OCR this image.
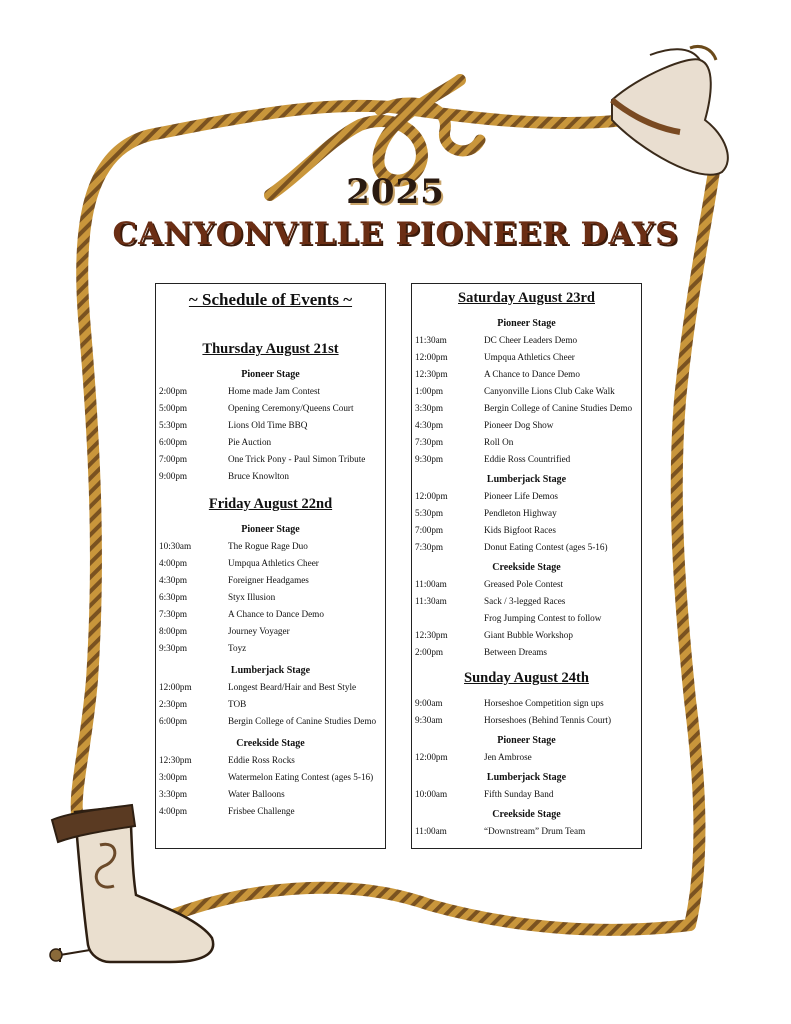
2025
CANYONVILLE PIONEER DAYS
~ Schedule of Events ~
Thursday August 21st
Pioneer Stage
2:00pm	Home made Jam Contest
5:00pm	Opening Ceremony/Queens Court
5:30pm	Lions Old Time BBQ
6:00pm	Pie Auction
7:00pm	One Trick Pony - Paul Simon Tribute
9:00pm	Bruce Knowlton
Friday August 22nd
Pioneer Stage
10:30am	The Rogue Rage Duo
4:00pm	Umpqua Athletics Cheer
4:30pm	Foreigner Headgames
6:30pm	Styx Illusion
7:30pm	A Chance to Dance Demo
8:00pm	Journey Voyager
9:30pm	Toyz
Lumberjack Stage
12:00pm	Longest Beard/Hair and Best Style
2:30pm	TOB
6:00pm	Bergin College of Canine Studies Demo
Creekside Stage
12:30pm	Eddie Ross Rocks
3:00pm	Watermelon Eating Contest (ages 5-16)
3:30pm	Water Balloons
4:00pm	Frisbee Challenge
Saturday August 23rd
Pioneer Stage
11:30am	DC Cheer Leaders Demo
12:00pm	Umpqua Athletics Cheer
12:30pm	A Chance to Dance Demo
1:00pm	Canyonville Lions Club Cake Walk
3:30pm	Bergin College of Canine Studies Demo
4:30pm	Pioneer Dog Show
7:30pm	Roll On
9:30pm	Eddie Ross Countrified
Lumberjack Stage
12:00pm	Pioneer Life Demos
5:30pm	Pendleton Highway
7:00pm	Kids Bigfoot Races
7:30pm	Donut Eating Contest (ages 5-16)
Creekside Stage
11:00am	Greased Pole Contest
11:30am	Sack / 3-legged Races
Frog Jumping Contest to follow
12:30pm	Giant Bubble Workshop
2:00pm	Between Dreams
Sunday August 24th
9:00am	Horseshoe Competition sign ups
9:30am	Horseshoes (Behind Tennis Court)
Pioneer Stage
12:00pm	Jen Ambrose
Lumberjack Stage
10:00am	Fifth Sunday Band
Creekside Stage
11:00am	“Downstream” Drum Team
